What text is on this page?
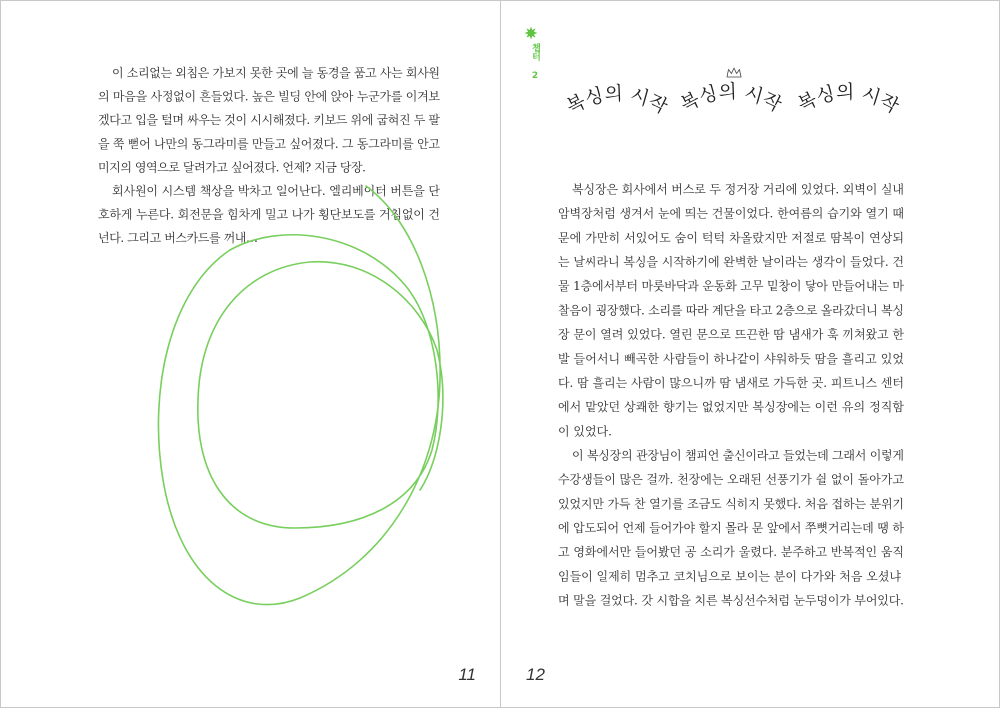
이 소리없는 외침은 가보지 못한 곳에 늘 동경을 품고 사는 회사원
의 마음을 사정없이 흔들었다. 높은 빌딩 안에 앉아 누군가를 이겨보
겠다고 입을 털며 싸우는 것이 시시해졌다. 키보드 위에 굽혀진 두 팔
을 쭉 뻗어 나만의 동그라미를 만들고 싶어졌다. 그 동그라미를 안고
미지의 영역으로 달려가고 싶어졌다. 언제? 지금 당장.
회사원이 시스템 책상을 박차고 일어난다. 엘리베이터 버튼을 단
호하게 누른다. 회전문을 힘차게 밀고 나가 횡단보도를 거침없이 건
넌다. 그리고 버스카드를 꺼내…
11
복싱의 시작 복싱의 시작 복싱의 시작
복싱장은 회사에서 버스로 두 정거장 거리에 있었다. 외벽이 실내
암벽장처럼 생겨서 눈에 띄는 건물이었다. 한여름의 습기와 열기 때
문에 가만히 서있어도 숨이 턱턱 차올랐지만 저절로 땀복이 연상되
는 날씨라니 복싱을 시작하기에 완벽한 날이라는 생각이 들었다. 건
물 1층에서부터 마룻바닥과 운동화 고무 밑창이 닿아 만들어내는 마
찰음이 굉장했다. 소리를 따라 계단을 타고 2층으로 올라갔더니 복싱
장 문이 열려 있었다. 열린 문으로 뜨끈한 땀 냄새가 훅 끼쳐왔고 한
발 들어서니 빼곡한 사람들이 하나같이 샤워하듯 땀을 흘리고 있었
다. 땀 흘리는 사람이 많으니까 땀 냄새로 가득한 곳. 피트니스 센터
에서 맡았던 상쾌한 향기는 없었지만 복싱장에는 이런 유의 정직함
이 있었다.
이 복싱장의 관장님이 챔피언 출신이라고 들었는데 그래서 이렇게
수강생들이 많은 걸까. 천장에는 오래된 선풍기가 쉴 없이 돌아가고
있었지만 가득 찬 열기를 조금도 식히지 못했다. 처음 접하는 분위기
에 압도되어 언제 들어가야 할지 몰라 문 앞에서 쭈뼛거리는데 땡 하
고 영화에서만 들어봤던 공 소리가 울렸다. 분주하고 반복적인 움직
임들이 일제히 멈추고 코치님으로 보이는 분이 다가와 처음 오셨냐
며 말을 걸었다. 갓 시합을 치른 복싱선수처럼 눈두덩이가 부어있다.
12
챕터 2
